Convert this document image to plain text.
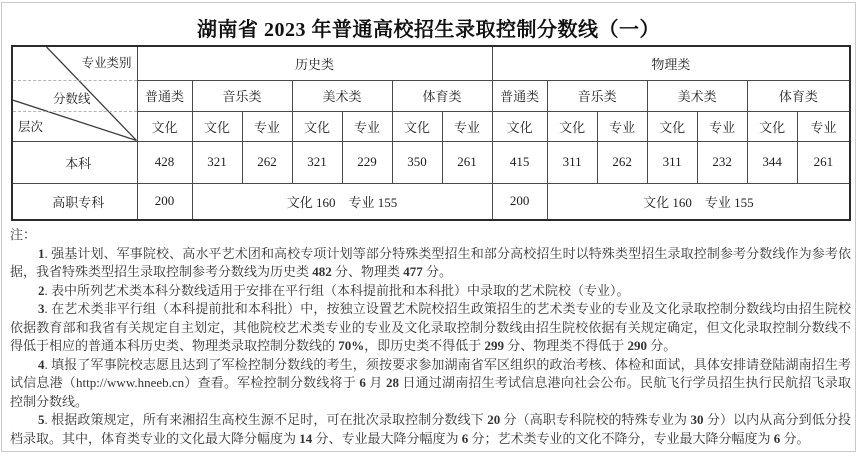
湖南省 2023 年普通高校招生录取控制分数线（一）
专业类别
分数线
层次	历史类							物理类						
	普通类	音乐类		美术类		体育类		普通类	音乐类		美术类		体育类	
	文化	文化	专业	文化	专业	文化	专业	文化	文化	专业	文化	专业	文化	专业
本科	428	321	262	321	229	350	261	415	311	262	311	232	344	261
高职专科	200	文化 160　专业 155						200	文化 160　专业 155					

注：

1. 强基计划、军事院校、高水平艺术团和高校专项计划等部分特殊类型招生和部分高校招生时以特殊类型招生录取控制参考分数线作为参考依据，我省特殊类型招生录取控制参考分数线为历史类 482 分、物理类 477 分。

2. 表中所列艺术类本科分数线适用于安排在平行组（本科提前批和本科批）中录取的艺术院校（专业）。

3. 在艺术类非平行组（本科提前批和本科批）中，按独立设置艺术院校招生政策招生的艺术类专业的专业及文化录取控制分数线均由招生院校依据教育部和我省有关规定自主划定，其他院校艺术类专业的专业及文化录取控制分数线由招生院校依据有关规定确定，但文化录取控制分数线不得低于相应的普通本科历史类、物理类录取控制分数线的 70%，即历史类不得低于 299 分、物理类不得低于 290 分。

4. 填报了军事院校志愿且达到了军检控制分数线的考生，须按要求参加湖南省军区组织的政治考核、体检和面试，具体安排请登陆湖南招生考试信息港（http://www.hneeb.cn）查看。军检控制分数线将于 6 月 28 日通过湖南招生考试信息港向社会公布。民航飞行学员招生执行民航招飞录取控制分数线。

5. 根据政策规定，所有来湘招生高校生源不足时，可在批次录取控制分数线下 20 分（高职专科院校的特殊专业为 30 分）以内从高分到低分投档录取。其中，体育类专业的文化最大降分幅度为 14 分、专业最大降分幅度为 6 分；艺术类专业的文化不降分，专业最大降分幅度为 6 分。
